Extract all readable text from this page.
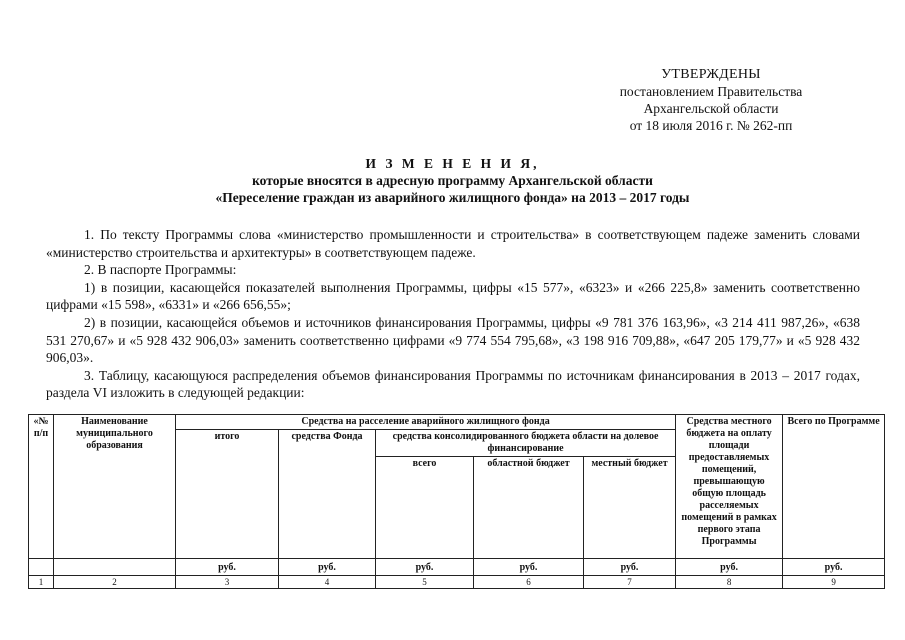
УТВЕРЖДЕНЫ
постановлением Правительства
Архангельской области
от 18 июля 2016 г. № 262-пп
И З М Е Н Е Н И Я,
которые вносятся в адресную программу Архангельской области
«Переселение граждан из аварийного жилищного фонда» на 2013 – 2017 годы

1. По тексту Программы слова «министерство промышленности и строительства» в соответствующем падеже заменить словами «министерство строительства и архитектуры» в соответствующем падеже.

2. В паспорте Программы:

1) в позиции, касающейся показателей выполнения Программы, цифры «15 577», «6323» и «266 225,8» заменить соответственно цифрами «15 598», «6331» и «266 656,55»;

2) в позиции, касающейся объемов и источников финансирования Программы, цифры «9 781 376 163,96», «3 214 411 987,26», «638 531 270,67» и «5 928 432 906,03» заменить соответственно цифрами «9 774 554 795,68», «3 198 916 709,88», «647 205 179,77» и «5 928 432 906,03».

3. Таблицу, касающуюся распределения объемов финансирования Программы по источникам финансирования в 2013 – 2017 годах, раздела VI изложить в следующей редакции:

«№ п/п	Наименование муниципального образования	Средства на расселение аварийного жилищного фонда					Средства местного бюджета на оплату площади предоставляемых помещений, превышающую общую площадь расселяемых помещений в рамках первого этапа Программы	Всего по Программе
		итого	средства Фонда	средства консолидированного бюджета области на долевое финансирование				
				всего	областной бюджет	местный бюджет		
		руб.	руб.	руб.	руб.	руб.	руб.	руб.
1	2	3	4	5	6	7	8	9
